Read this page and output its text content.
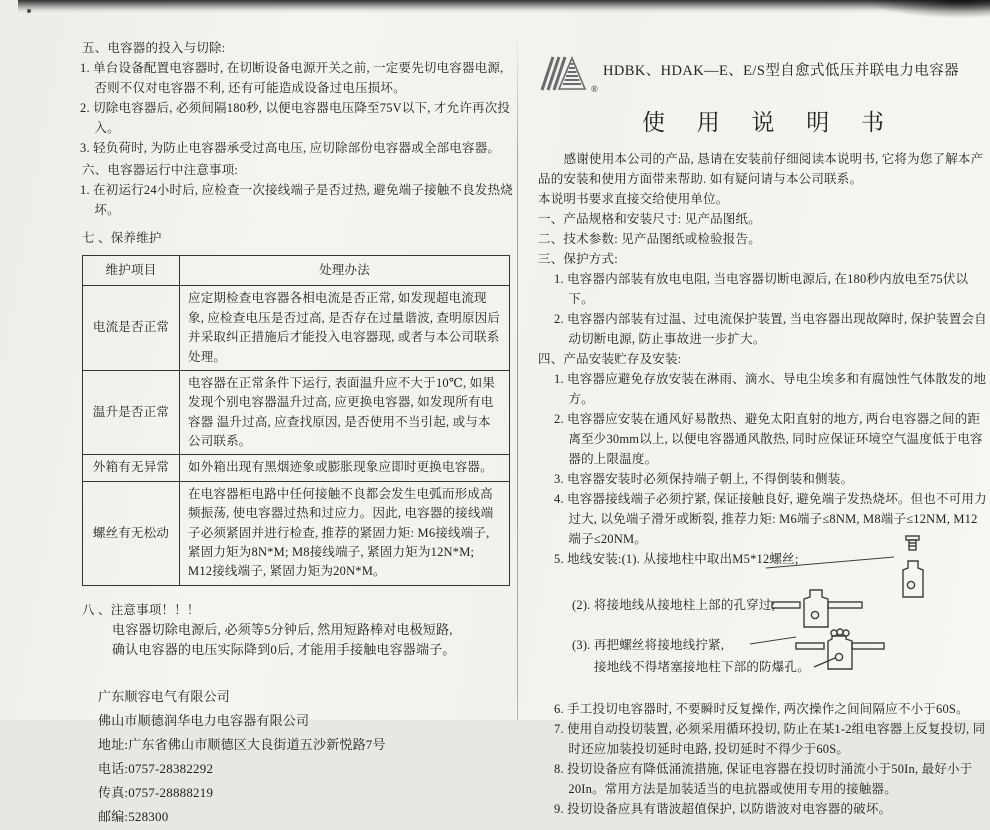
五、电容器的投入与切除:
1. 单台设备配置电容器时, 在切断设备电源开关之前, 一定要先切电容器电源, 否则不仅对电容器不利, 还有可能造成设备过电压损坏。
2. 切除电容器后, 必须间隔180秒, 以便电容器电压降至75V以下, 才允许再次投入。
3. 轻负荷时, 为防止电容器承受过高电压, 应切除部份电容器或全部电容器。
六、电容器运行中注意事项:
1. 在初运行24小时后, 应检查一次接线端子是否过热, 避免端子接触不良发热烧坏。
七 、保养维护
维护项目	处理办法
电流是否正常	应定期检查电容器各相电流是否正常, 如发现超电流现象, 应检查电压是否过高, 是否存在过量谐波, 查明原因后并采取纠正措施后才能投入电容器现, 或者与本公司联系处理。
温升是否正常	电容器在正常条件下运行, 表面温升应不大于10℃, 如果发现个别电容器温升过高, 应更换电容器, 如发现所有电容器 温升过高, 应查找原因, 是否使用不当引起, 或与本公司联系。
外箱有无异常	如外箱出现有黑烟迹象或膨胀现象应即时更换电容器。
螺丝有无松动	在电容器柜电路中任何接触不良都会发生电弧而形成高频振荡, 使电容器过热和过应力。因此, 电容器的接线端子必须紧固并进行检查, 推荐的紧固力矩: M6接线端子, 紧固力矩为8N*M; M8接线端子, 紧固力矩为12N*M; M12接线端子, 紧固力矩为20N*M。
八 、注意事项！！！
电容器切除电源后, 必须等5分钟后, 然用短路棒对电极短路,
确认电容器的电压实际降到0后, 才能用手接触电容器端子。
广东顺容电气有限公司
佛山市顺德润华电力电容器有限公司
地址:广东省佛山市顺德区大良街道五沙新悦路7号
电话:0757-28382292
传真:0757-28888219
邮编:528300
®
HDBK、HDAK—E、E/S型自愈式低压并联电力电容器
使 用 说 明 书

感谢使用本公司的产品, 恳请在安装前仔细阅读本说明书, 它将为您了解本产品的安装和使用方面带来帮助. 如有疑问请与本公司联系。

本说明书要求直接交给使用单位。

一、产品规格和安装尺寸: 见产品图纸。
二、技术参数: 见产品图纸或检验报告。
三、保护方式:
1. 电容器内部装有放电电阻, 当电容器切断电源后, 在180秒内放电至75伏以下。
2. 电容器内部装有过温、过电流保护装置, 当电容器出现故障时, 保护装置会自动切断电源, 防止事故进一步扩大。
四、产品安装贮存及安装:
1. 电容器应避免存放安装在淋雨、滴水、导电尘埃多和有腐蚀性气体散发的地方。
2. 电容器应安装在通风好易散热、避免太阳直射的地方, 两台电容器之间的距离至少30mm以上, 以便电容器通风散热, 同时应保证环境空气温度低于电容器的上限温度。
3. 电容器安装时必须保持端子朝上, 不得倒装和侧装。
4. 电容器接线端子必须拧紧, 保证接触良好, 避免端子发热烧坏。但也不可用力过大, 以免端子滑牙或断裂, 推荐力矩: M6端子≤8NM, M8端子≤12NM, M12端子≤20NM。
5. 地线安装:(1). 从接地柱中取出M5*12螺丝;
(2). 将接地线从接地柱上部的孔穿过;
(3). 再把螺丝将接地线拧紧,
接地线不得堵塞接地柱下部的防爆孔。
6. 手工投切电容器时, 不要瞬时反复操作, 两次操作之间间隔应不小于60S。
7. 使用自动投切装置, 必须采用循环投切, 防止在某1-2组电容器上反复投切, 同时还应加装投切延时电路, 投切延时不得少于60S。
8. 投切设备应有降低涌流措施, 保证电容器在投切时涌流小于50In, 最好小于20In。常用方法是加装适当的电抗器或使用专用的接触器。
9. 投切设备应具有谐波超值保护, 以防谐波对电容器的破坏。
